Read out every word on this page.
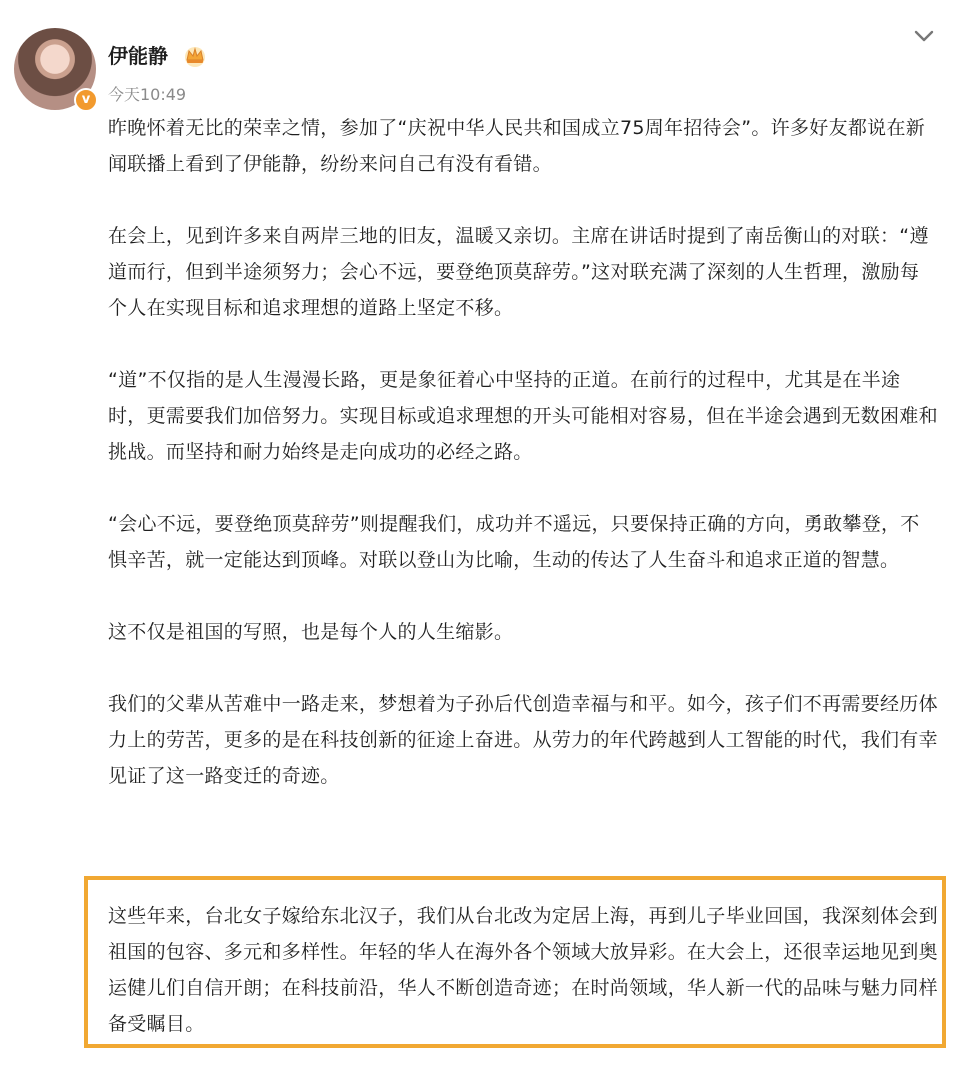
v
伊能静
今天10:49

昨晚怀着无比的荣幸之情，参加了“庆祝中华人民共和国成立75周年招待会”。许多好友都说在新闻联播上看到了伊能静，纷纷来问自己有没有看错。

在会上，见到许多来自两岸三地的旧友，温暖又亲切。主席在讲话时提到了南岳衡山的对联：“遵道而行，但到半途须努力；会心不远，要登绝顶莫辞劳。”这对联充满了深刻的人生哲理，激励每个人在实现目标和追求理想的道路上坚定不移。

“道”不仅指的是人生漫漫长路，更是象征着心中坚持的正道。在前行的过程中，尤其是在半途时，更需要我们加倍努力。实现目标或追求理想的开头可能相对容易，但在半途会遇到无数困难和挑战。而坚持和耐力始终是走向成功的必经之路。

“会心不远，要登绝顶莫辞劳”则提醒我们，成功并不遥远，只要保持正确的方向，勇敢攀登，不惧辛苦，就一定能达到顶峰。对联以登山为比喻，生动的传达了人生奋斗和追求正道的智慧。

这不仅是祖国的写照，也是每个人的人生缩影。

我们的父辈从苦难中一路走来，梦想着为子孙后代创造幸福与和平。如今，孩子们不再需要经历体力上的劳苦，更多的是在科技创新的征途上奋进。从劳力的年代跨越到人工智能的时代，我们有幸见证了这一路变迁的奇迹。

这些年来，台北女子嫁给东北汉子，我们从台北改为定居上海，再到儿子毕业回国，我深刻体会到祖国的包容、多元和多样性。年轻的华人在海外各个领域大放异彩。在大会上，还很幸运地见到奥运健儿们自信开朗；在科技前沿，华人不断创造奇迹；在时尚领域，华人新一代的品味与魅力同样备受瞩目。
